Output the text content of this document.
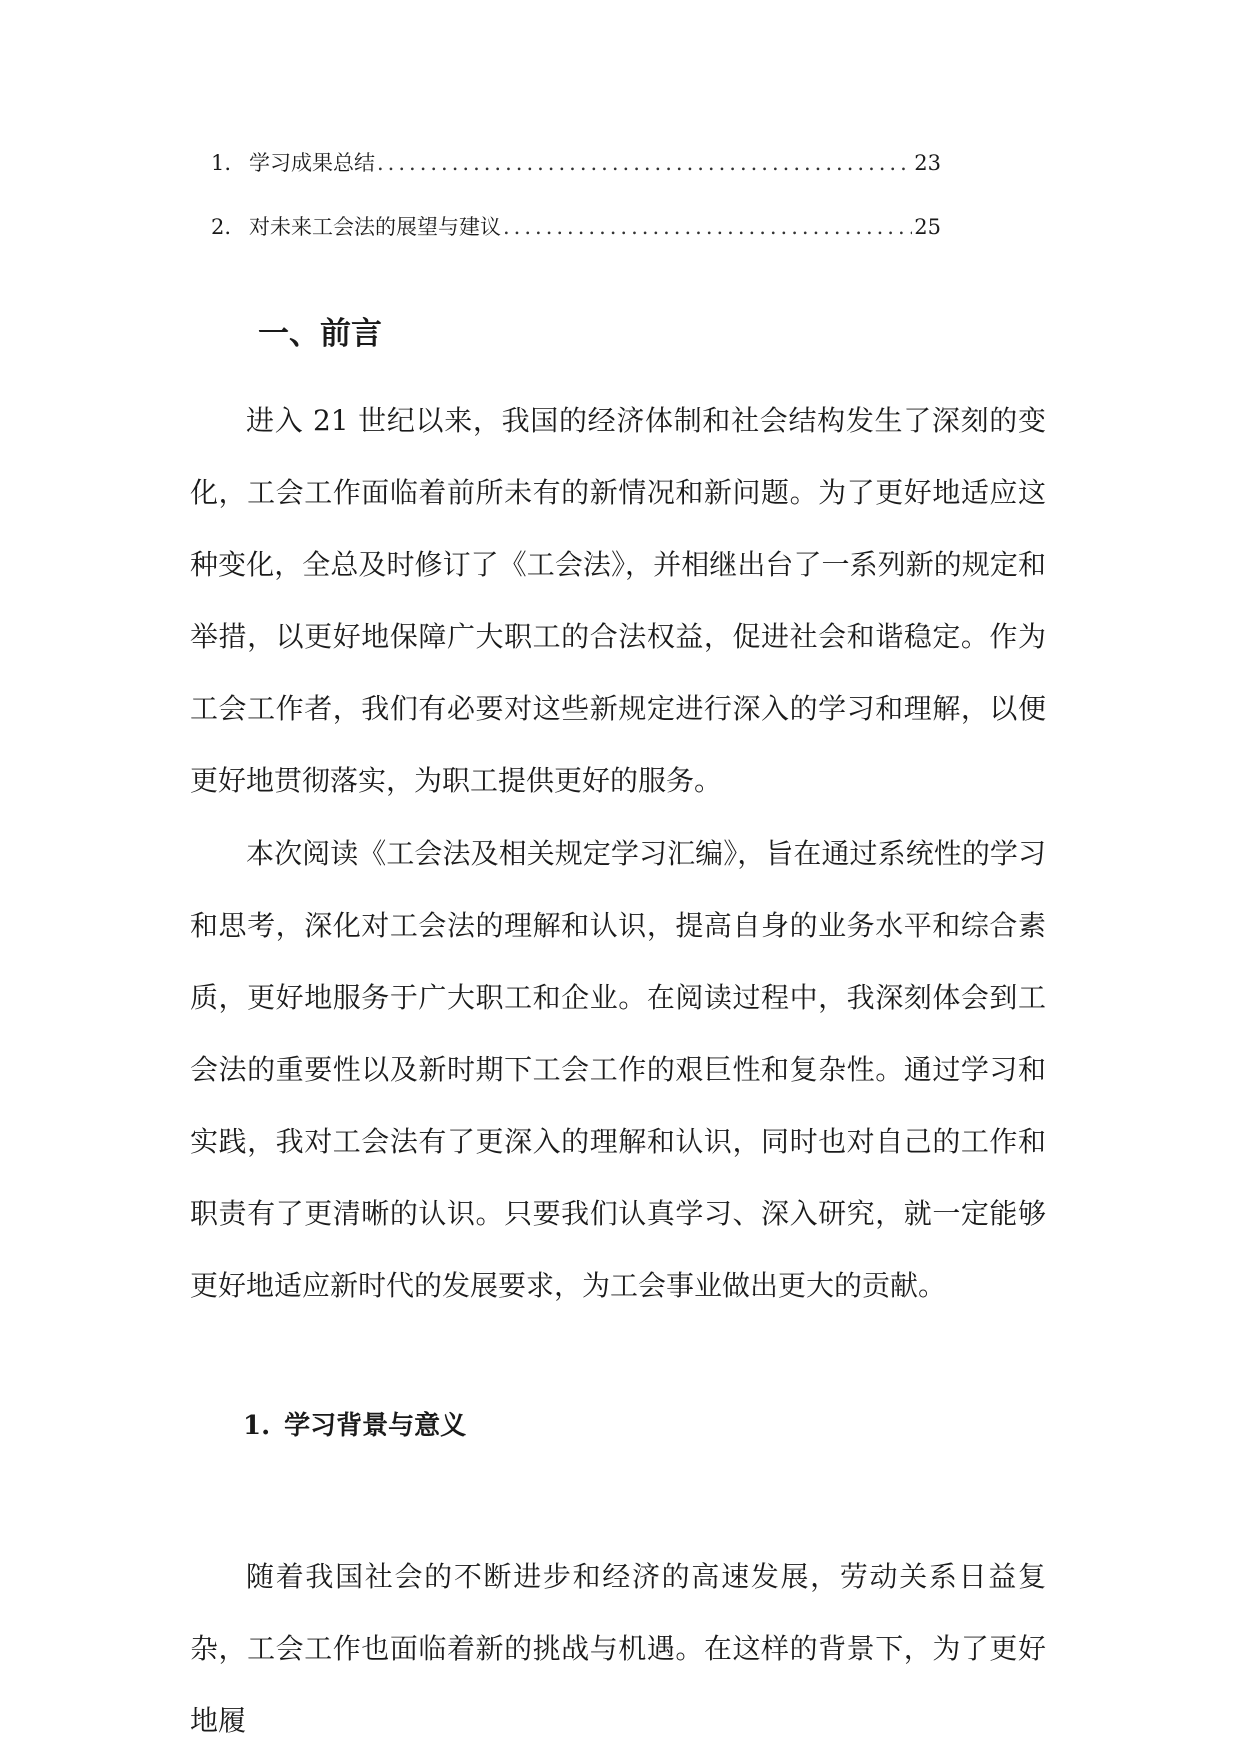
1. 学习成果总结 .....	23
2. 对未来工会法的展望与建议 .....	25
一、前言

进入 21 世纪以来，我国的经济体制和社会结构发生了深刻的变化，工会工作面临着前所未有的新情况和新问题。为了更好地适应这种变化，全总及时修订了《工会法》，并相继出台了一系列新的规定和举措，以更好地保障广大职工的合法权益，促进社会和谐稳定。作为工会工作者，我们有必要对这些新规定进行深入的学习和理解，以便更好地贯彻落实，为职工提供更好的服务。

本次阅读《工会法及相关规定学习汇编》，旨在通过系统性的学习和思考，深化对工会法的理解和认识，提高自身的业务水平和综合素质，更好地服务于广大职工和企业。在阅读过程中，我深刻体会到工会法的重要性以及新时期下工会工作的艰巨性和复杂性。通过学习和实践，我对工会法有了更深入的理解和认识，同时也对自己的工作和职责有了更清晰的认识。只要我们认真学习、深入研究，就一定能够更好地适应新时代的发展要求，为工会事业做出更大的贡献。

1. 学习背景与意义

随着我国社会的不断进步和经济的高速发展，劳动关系日益复杂，工会工作也面临着新的挑战与机遇。在这样的背景下，为了更好地履
